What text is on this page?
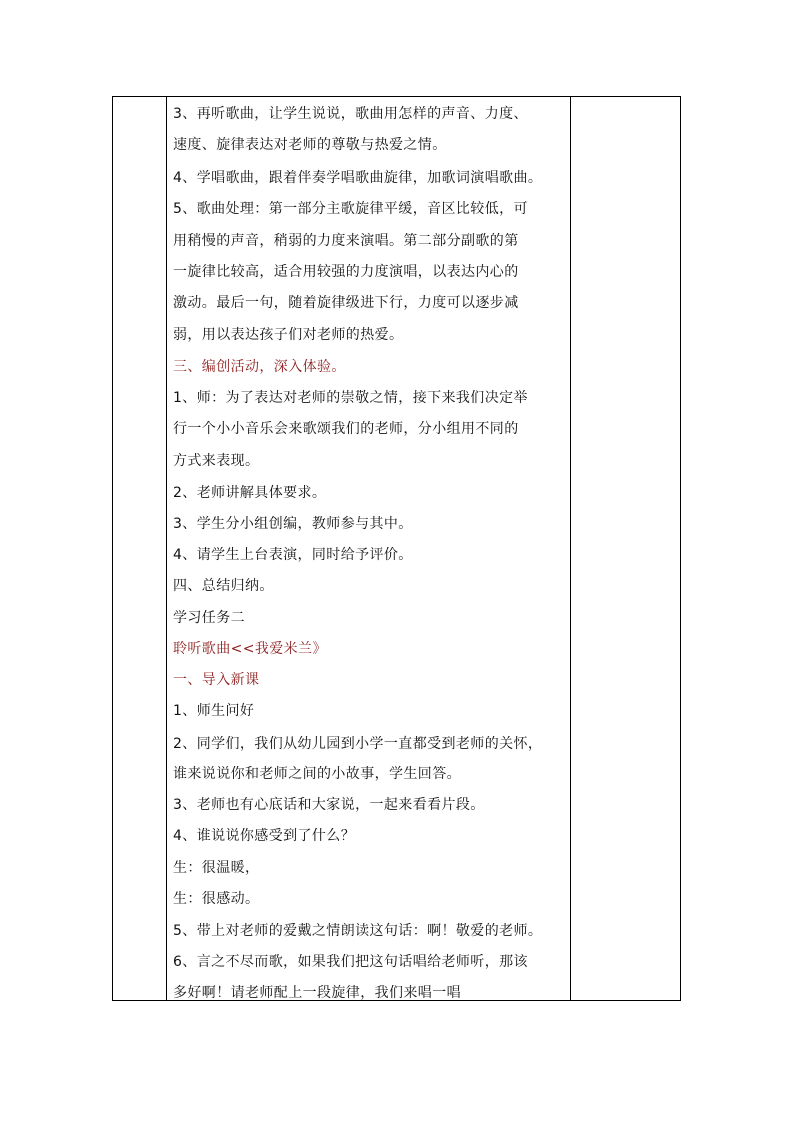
3、再听歌曲，让学生说说，歌曲用怎样的声音、力度、
速度、旋律表达对老师的尊敬与热爱之情。
4、学唱歌曲，跟着伴奏学唱歌曲旋律，加歌词演唱歌曲。
5、歌曲处理：第一部分主歌旋律平缓，音区比较低，可
用稍慢的声音，稍弱的力度来演唱。第二部分副歌的第
一旋律比较高，适合用较强的力度演唱，以表达内心的
激动。最后一句，随着旋律级进下行，力度可以逐步减
弱，用以表达孩子们对老师的热爱。
三、编创活动，深入体验。
1、师：为了表达对老师的崇敬之情，接下来我们决定举
行一个小小音乐会来歌颂我们的老师，分小组用不同的
方式来表现。
2、老师讲解具体要求。
3、学生分小组创编，教师参与其中。
4、请学生上台表演，同时给予评价。
四、总结归纳。
学习任务二
聆听歌曲<<我爱米兰》
一、导入新课
1、师生问好
2、同学们，我们从幼儿园到小学一直都受到老师的关怀，
谁来说说你和老师之间的小故事，学生回答。
3、老师也有心底话和大家说，一起来看看片段。
4、谁说说你感受到了什么？
生：很温暖，
生：很感动。
5、带上对老师的爱戴之情朗读这句话：啊！敬爱的老师。
6、言之不尽而歌，如果我们把这句话唱给老师听，那该
多好啊！请老师配上一段旋律，我们来唱一唱
